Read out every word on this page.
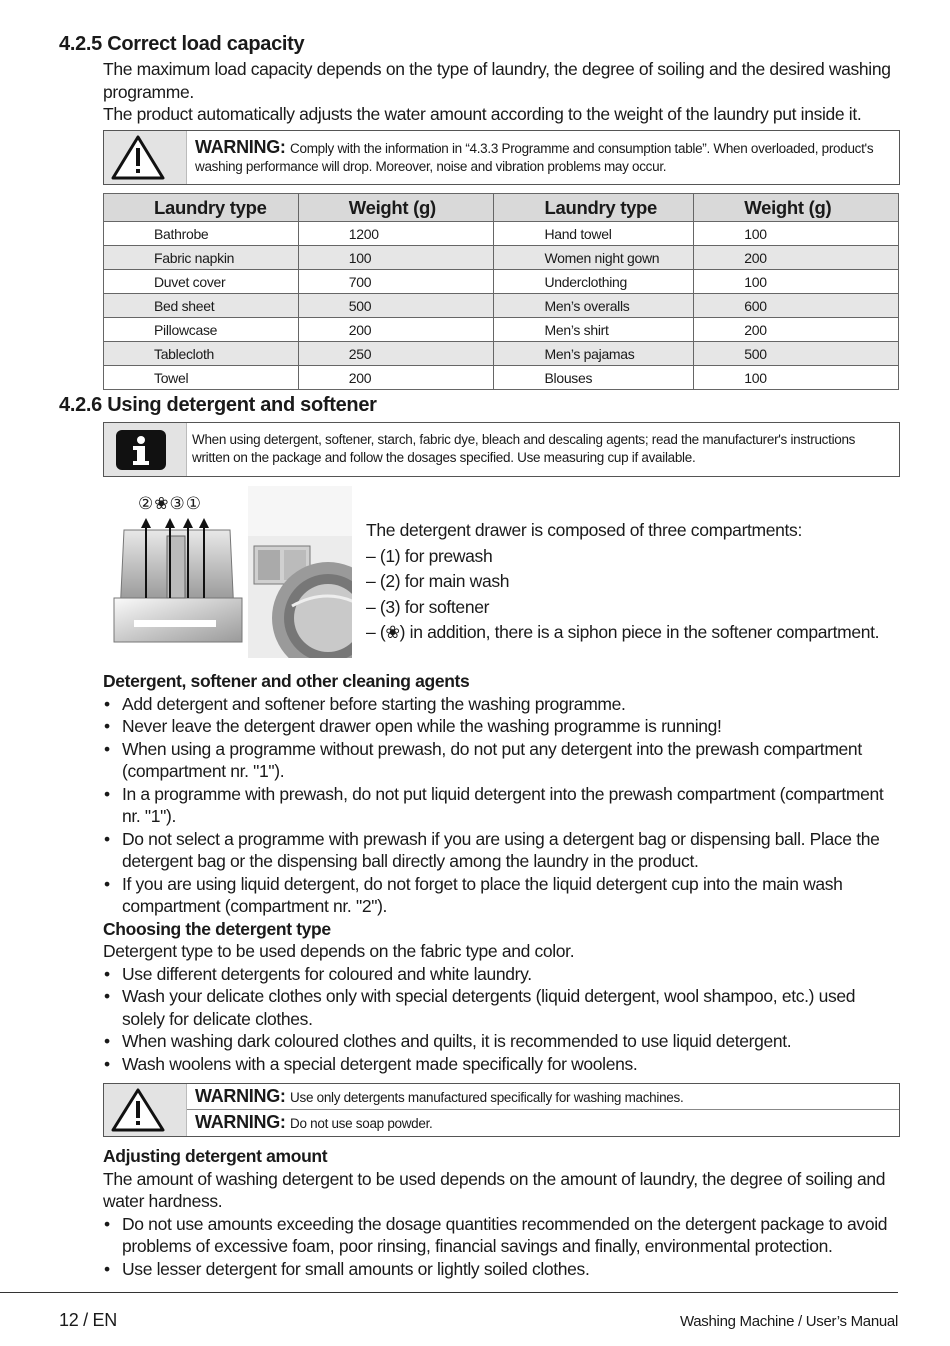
4.2.5 Correct load capacity
The maximum load capacity depends on the type of laundry, the degree of soiling and the desired washing programme.
The product automatically adjusts the water amount according to the weight of the laundry put inside it.
WARNING: Comply with the information in “4.3.3 Programme and consumption table”. When overloaded, product's washing performance will drop. Moreover, noise and vibration problems may occur.
Laundry type	Weight (g)	Laundry type	Weight (g)
Bathrobe	1200	Hand towel	100
Fabric napkin	100	Women night gown	200
Duvet cover	700	Underclothing	100
Bed sheet	500	Men’s overalls	600
Pillowcase	200	Men’s shirt	200
Tablecloth	250	Men’s pajamas	500
Towel	200	Blouses	100
4.2.6 Using detergent and softener
When using detergent, softener, starch, fabric dye, bleach and descaling agents; read the manufacturer's instructions written on the package and follow the dosages specified. Use measuring cup if available.
②❀③①
The detergent drawer is composed of three compartments:
– (1) for prewash
– (2) for main wash
– (3) for softener
– (❀) in addition, there is a siphon piece in the softener compartment.
Detergent, softener and other cleaning agents
• Add detergent and softener before starting the washing programme.
• Never leave the detergent drawer open while the washing programme is running!
• When using a programme without prewash, do not put any detergent into the prewash compartment (compartment nr. "1").
• In a programme with prewash, do not put liquid detergent into the prewash compartment (compartment nr. "1").
• Do not select a programme with prewash if you are using a detergent bag or dispensing ball. Place the detergent bag or the dispensing ball directly among the laundry in the product.
• If you are using liquid detergent, do not forget to place the liquid detergent cup into the main wash compartment (compartment nr. "2").
Choosing the detergent type
Detergent type to be used depends on the fabric type and color.
• Use different detergents for coloured and white laundry.
• Wash your delicate clothes only with special detergents (liquid detergent, wool shampoo, etc.) used solely for delicate clothes.
• When washing dark coloured clothes and quilts, it is recommended to use liquid detergent.
• Wash woolens with a special detergent made specifically for woolens.
WARNING: Use only detergents manufactured specifically for washing machines.
WARNING: Do not use soap powder.
Adjusting detergent amount
The amount of washing detergent to be used depends on the amount of laundry, the degree of soiling and water hardness.
• Do not use amounts exceeding the dosage quantities recommended on the detergent package to avoid problems of excessive foam, poor rinsing, financial savings and finally, environmental protection.
• Use lesser detergent for small amounts or lightly soiled clothes.
12 / EN	Washing Machine / User’s Manual
